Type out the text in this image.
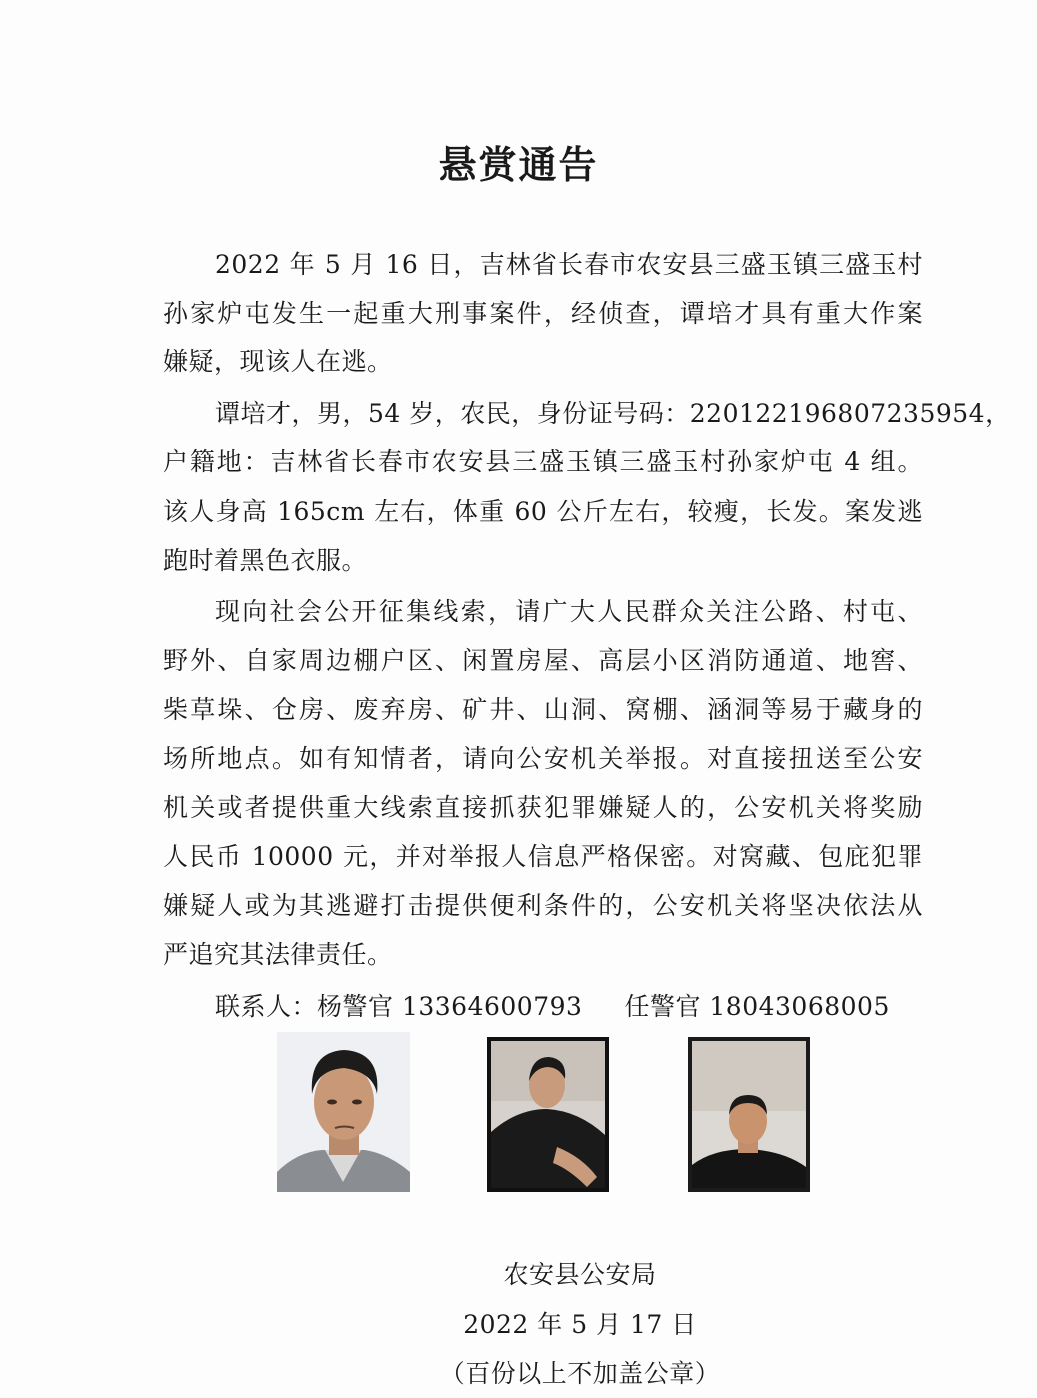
悬赏通告

2022 年 5 月 16 日，吉林省长春市农安县三盛玉镇三盛玉村

孙家炉屯发生一起重大刑事案件，经侦查，谭培才具有重大作案

嫌疑，现该人在逃。

谭培才，男，54 岁，农民，身份证号码：220122196807235954，

户籍地：吉林省长春市农安县三盛玉镇三盛玉村孙家炉屯 4 组。

该人身高 165cm 左右，体重 60 公斤左右，较瘦，长发。案发逃

跑时着黑色衣服。

现向社会公开征集线索，请广大人民群众关注公路、村屯、

野外、自家周边棚户区、闲置房屋、高层小区消防通道、地窖、

柴草垛、仓房、废弃房、矿井、山洞、窝棚、涵洞等易于藏身的

场所地点。如有知情者，请向公安机关举报。对直接扭送至公安

机关或者提供重大线索直接抓获犯罪嫌疑人的，公安机关将奖励

人民币 10000 元，并对举报人信息严格保密。对窝藏、包庇犯罪

嫌疑人或为其逃避打击提供便利条件的，公安机关将坚决依法从

严追究其法律责任。

联系人：杨警官 13364600793 任警官 18043068005
农安县公安局
2022 年 5 月 17 日
（百份以上不加盖公章）
